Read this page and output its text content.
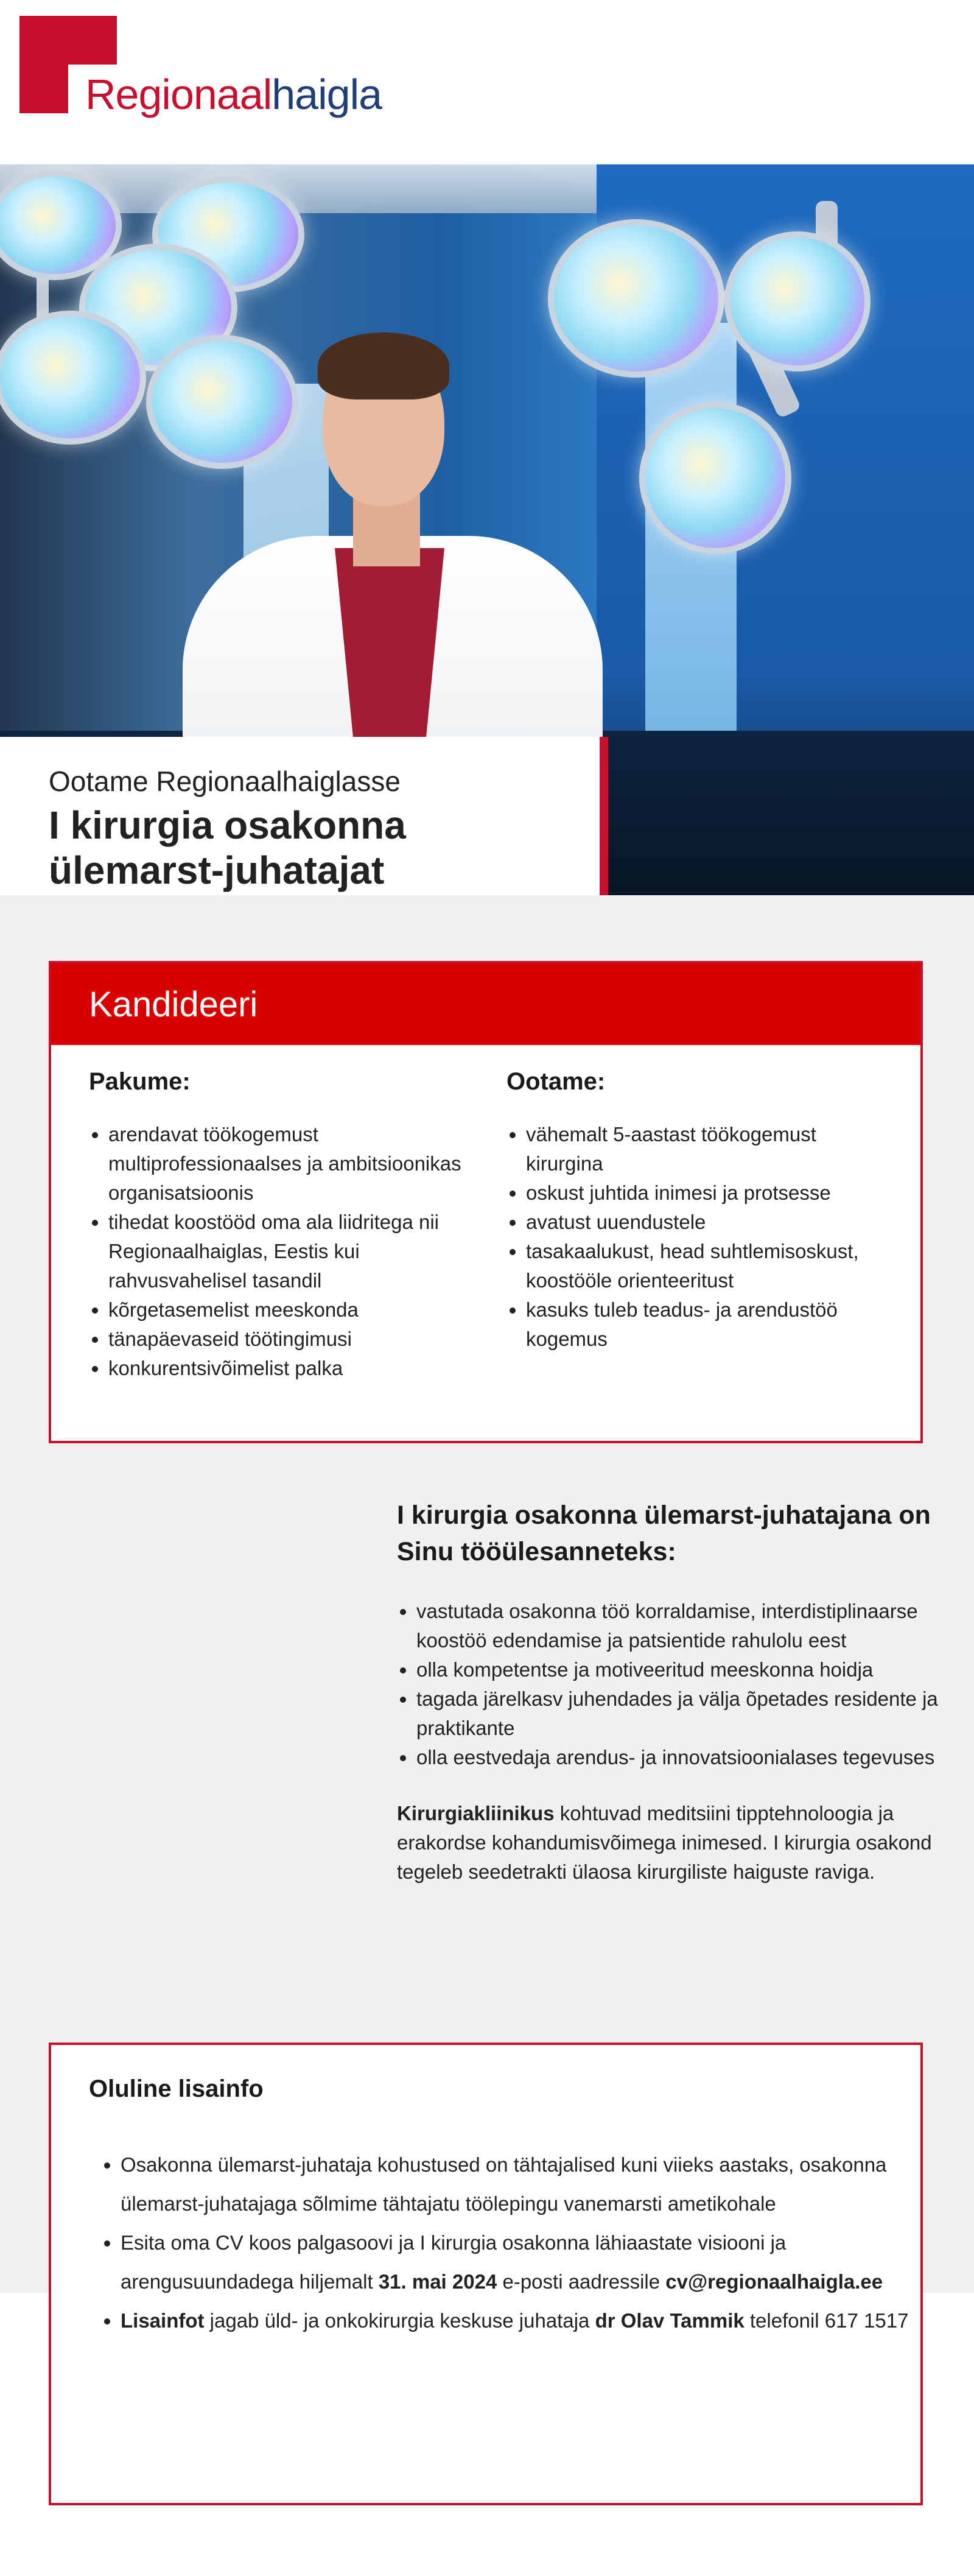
Regionaalhaigla
Ootame Regionaalhaiglasse
I kirurgia osakonna ülemarst-juhatajat
Kandideeri
Pakume:
• arendavat töökogemust multiprofessionaalses ja ambitsioonikas organisatsioonis
• tihedat koostööd oma ala liidritega nii Regionaalhaiglas, Eestis kui rahvusvahelisel tasandil
• kõrgetasemelist meeskonda
• tänapäevaseid töötingimusi
• konkurentsivõimelist palka
Ootame:
• vähemalt 5-aastast töökogemust kirurgina
• oskust juhtida inimesi ja protsesse
• avatust uuendustele
• tasakaalukust, head suhtlemisoskust, koostööle orienteeritust
• kasuks tuleb teadus- ja arendustöö kogemus
I kirurgia osakonna ülemarst-juhatajana on Sinu tööülesanneteks:
• vastutada osakonna töö korraldamise, interdistiplinaarse koostöö edendamise ja patsientide rahulolu eest
• olla kompetentse ja motiveeritud meeskonna hoidja
• tagada järelkasv juhendades ja välja õpetades residente ja praktikante
• olla eestvedaja arendus- ja innovatsioonialases tegevuses

Kirurgiakliinikus kohtuvad meditsiini tipptehnoloogia ja erakordse kohandumisvõimega inimesed. I kirurgia osakond tegeleb seedetrakti ülaosa kirurgiliste haiguste raviga.

Oluline lisainfo
• Osakonna ülemarst-juhataja kohustused on tähtajalised kuni viieks aastaks, osakonna ülemarst-juhatajaga sõlmime tähtajatu töölepingu vanemarsti ametikohale
• Esita oma CV koos palgasoovi ja I kirurgia osakonna lähiaastate visiooni ja arengusuundadega hiljemalt 31. mai 2024 e-posti aadressile cv@regionaalhaigla.ee
• Lisainfot jagab üld- ja onkokirurgia keskuse juhataja dr Olav Tammik telefonil 617 1517
